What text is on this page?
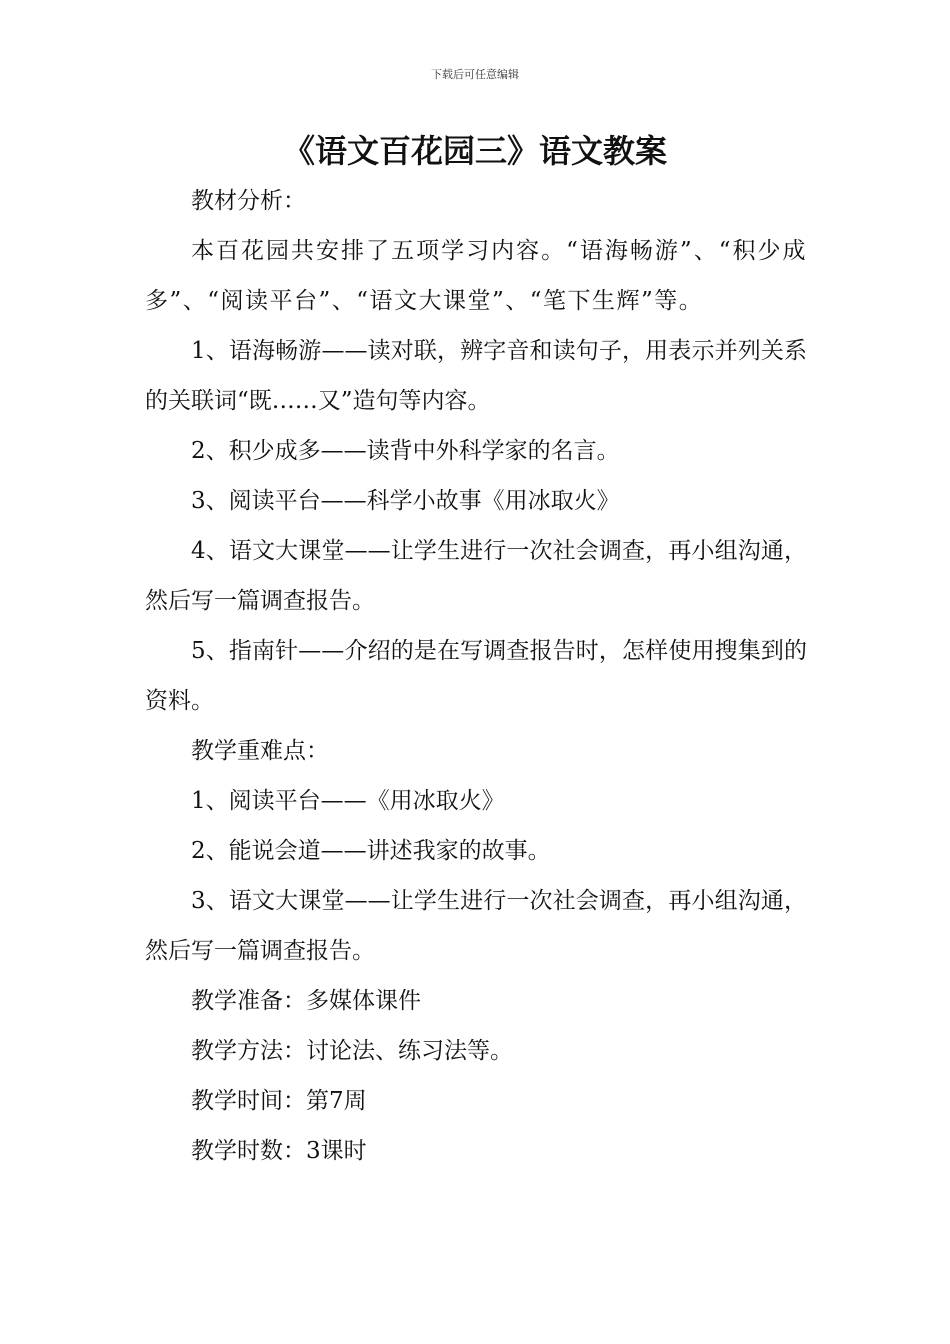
下载后可任意编辑
《语文百花园三》语文教案

教材分析：

本百花园共安排了五项学习内容。“语海畅游”、“积少成多”、“阅读平台”、“语文大课堂”、“笔下生辉”等。

1、语海畅游——读对联，辨字音和读句子，用表示并列关系的关联词“既……又”造句等内容。

2、积少成多——读背中外科学家的名言。

3、阅读平台——科学小故事《用冰取火》

4、语文大课堂——让学生进行一次社会调查，再小组沟通，然后写一篇调查报告。

5、指南针——介绍的是在写调查报告时，怎样使用搜集到的资料。

教学重难点：

1、阅读平台——《用冰取火》

2、能说会道——讲述我家的故事。

3、语文大课堂——让学生进行一次社会调查，再小组沟通，然后写一篇调查报告。

教学准备：多媒体课件

教学方法：讨论法、练习法等。

教学时间：第7周

教学时数：3课时
